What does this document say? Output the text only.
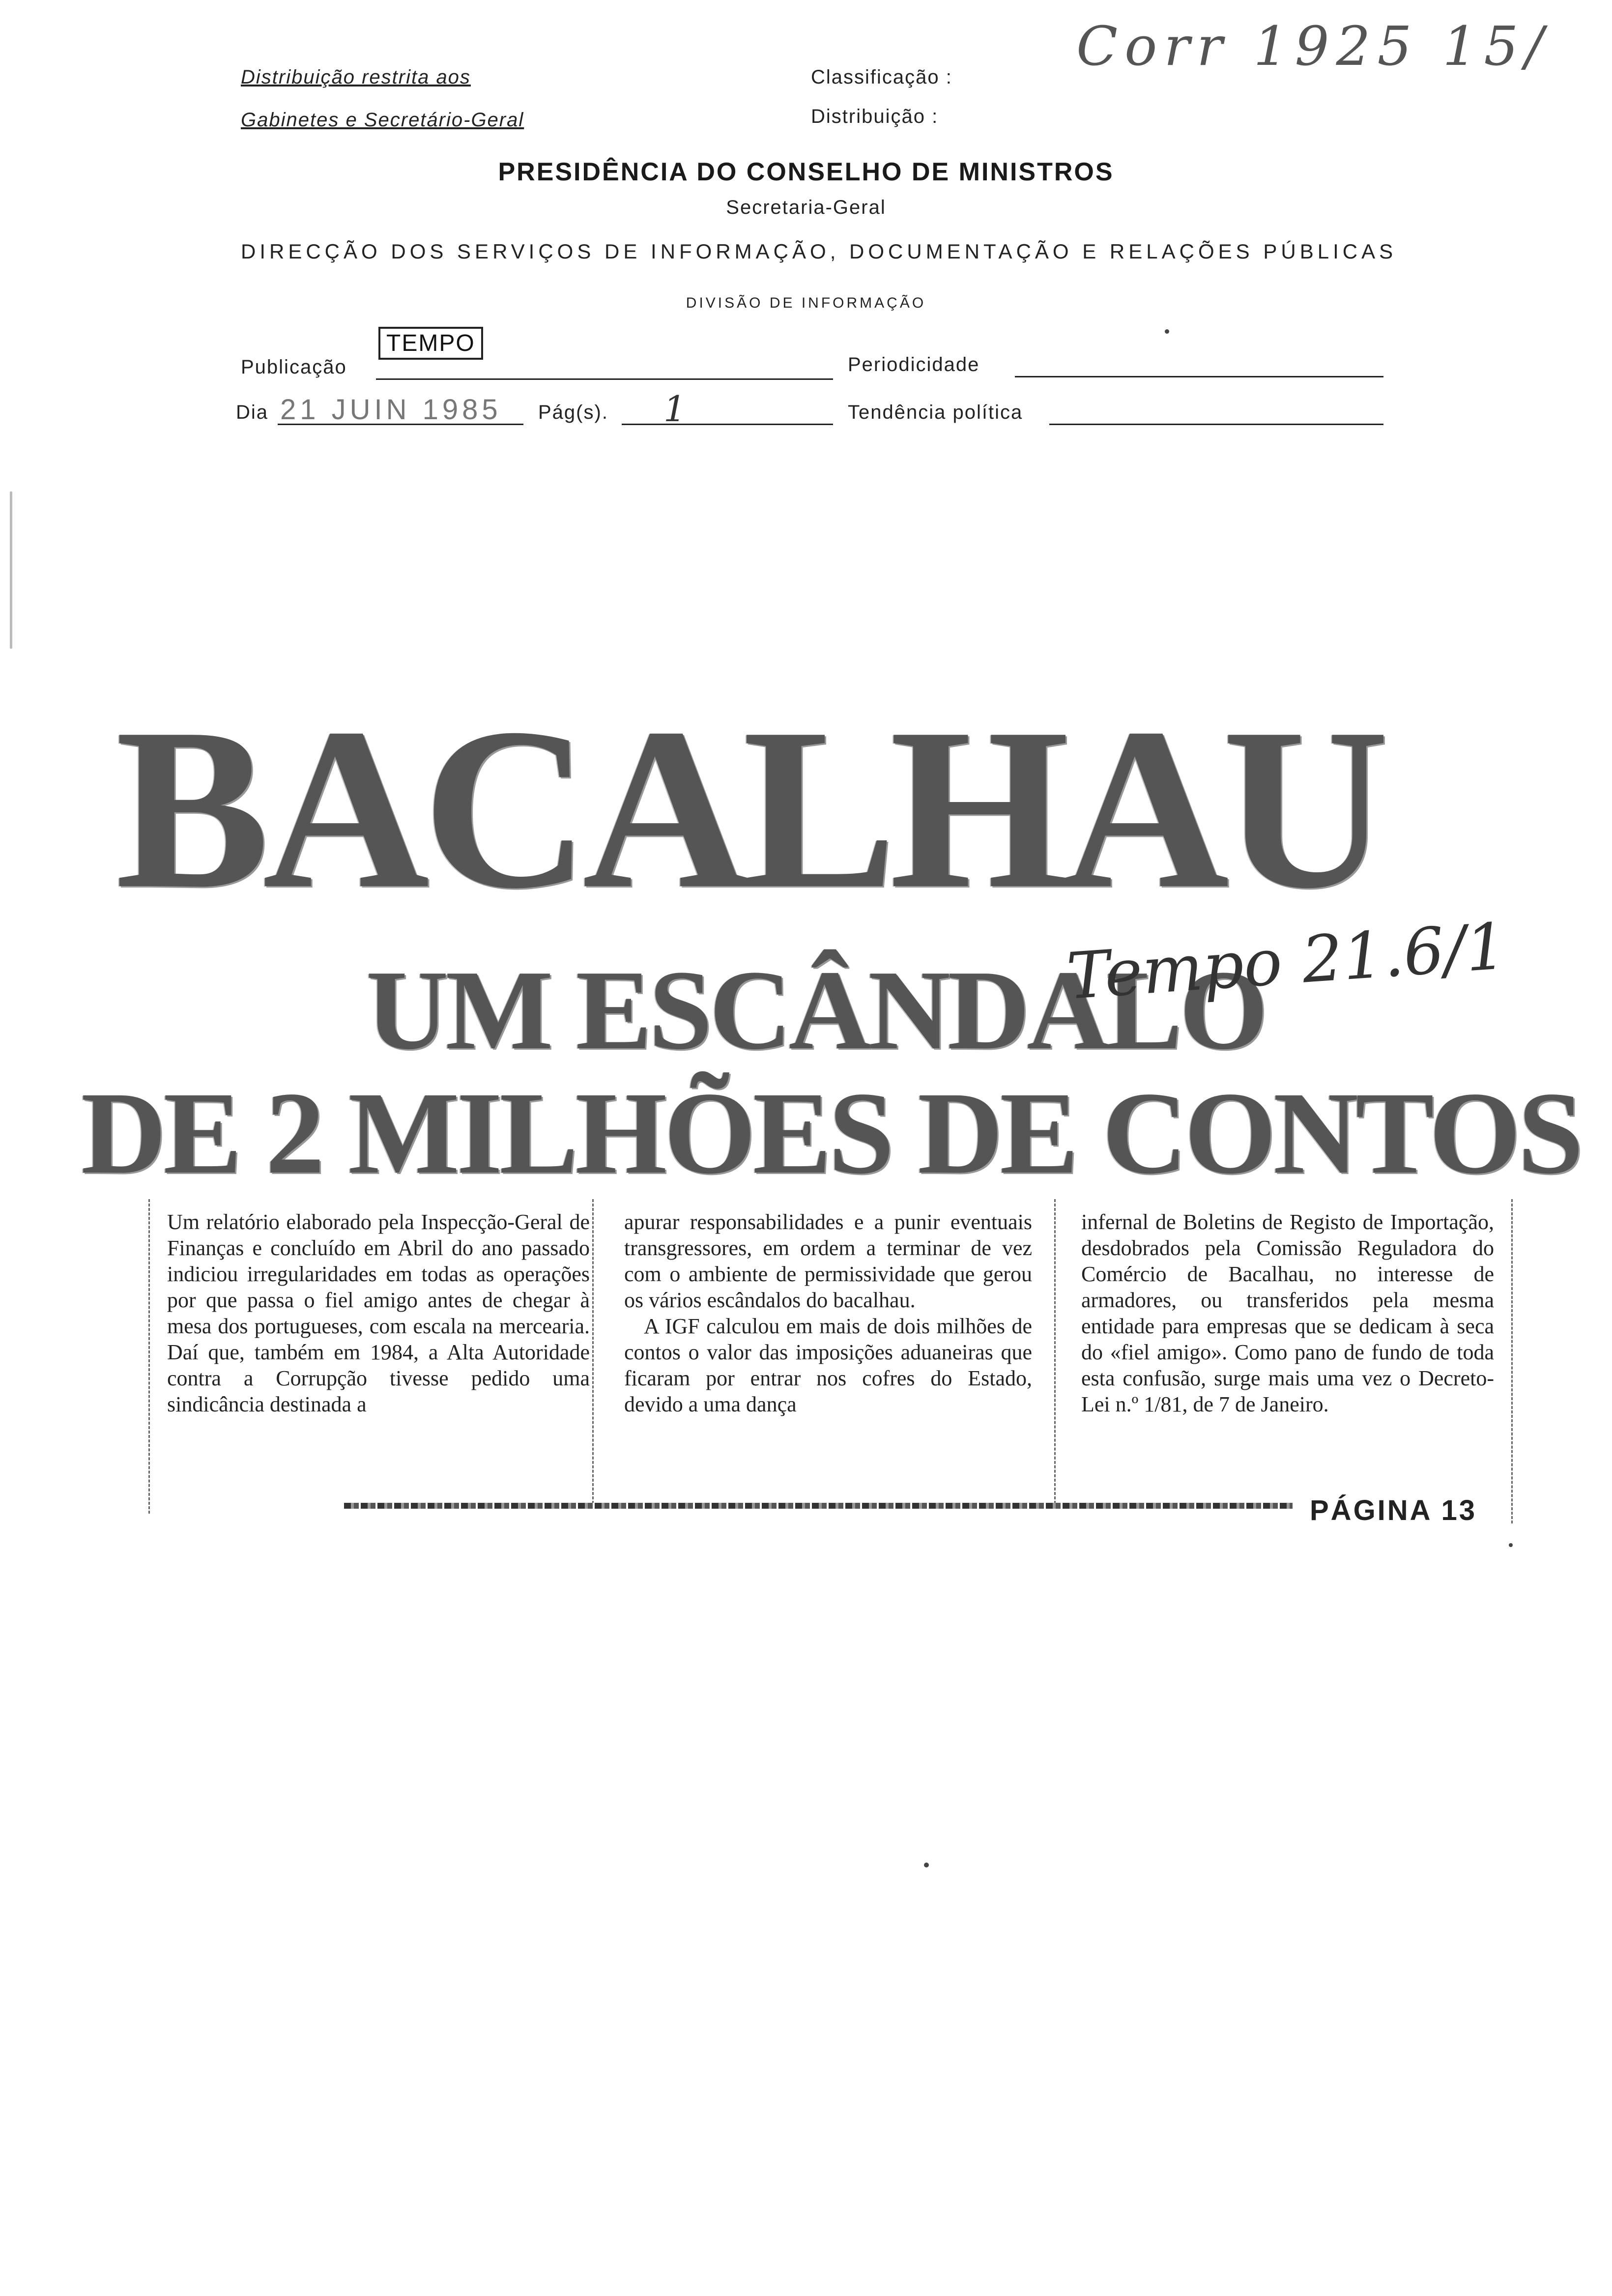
Distribuição restrita aos
Gabinetes e Secretário-Geral
Classificação :
Distribuição :
Corr 1925 15/
PRESIDÊNCIA DO CONSELHO DE MINISTROS
Secretaria-Geral
DIRECÇÃO DOS SERVIÇOS DE INFORMAÇÃO, DOCUMENTAÇÃO E RELAÇÕES PÚBLICAS
DIVISÃO DE INFORMAÇÃO
Publicação
TEMPO
Periodicidade
Dia 21 JUIN 1985 Pág(s). 1	Tendência política
BACALHAU
UM ESCÂNDALO
DE 2 MILHÕES DE CONTOS
Tempo 21.6/1

Um relatório elaborado pela Inspecção-Geral de Finanças e concluído em Abril do ano passado indiciou irregularidades em todas as operações por que passa o fiel amigo antes de chegar à mesa dos portugueses, com escala na mercearia. Daí que, também em 1984, a Alta Autoridade contra a Corrupção tivesse pedido uma sindicância destinada a

apurar responsabilidades e a punir eventuais transgressores, em ordem a terminar de vez com o ambiente de permissividade que gerou os vários escândalos do bacalhau.

A IGF calculou em mais de dois milhões de contos o valor das imposições aduaneiras que ficaram por entrar nos cofres do Estado, devido a uma dança

infernal de Boletins de Registo de Importação, desdobrados pela Comissão Reguladora do Comércio de Bacalhau, no interesse de armadores, ou transferidos pela mesma entidade para empresas que se dedicam à seca do «fiel amigo». Como pano de fundo de toda esta confusão, surge mais uma vez o Decreto-Lei n.º 1/81, de 7 de Janeiro.

PÁGINA 13
